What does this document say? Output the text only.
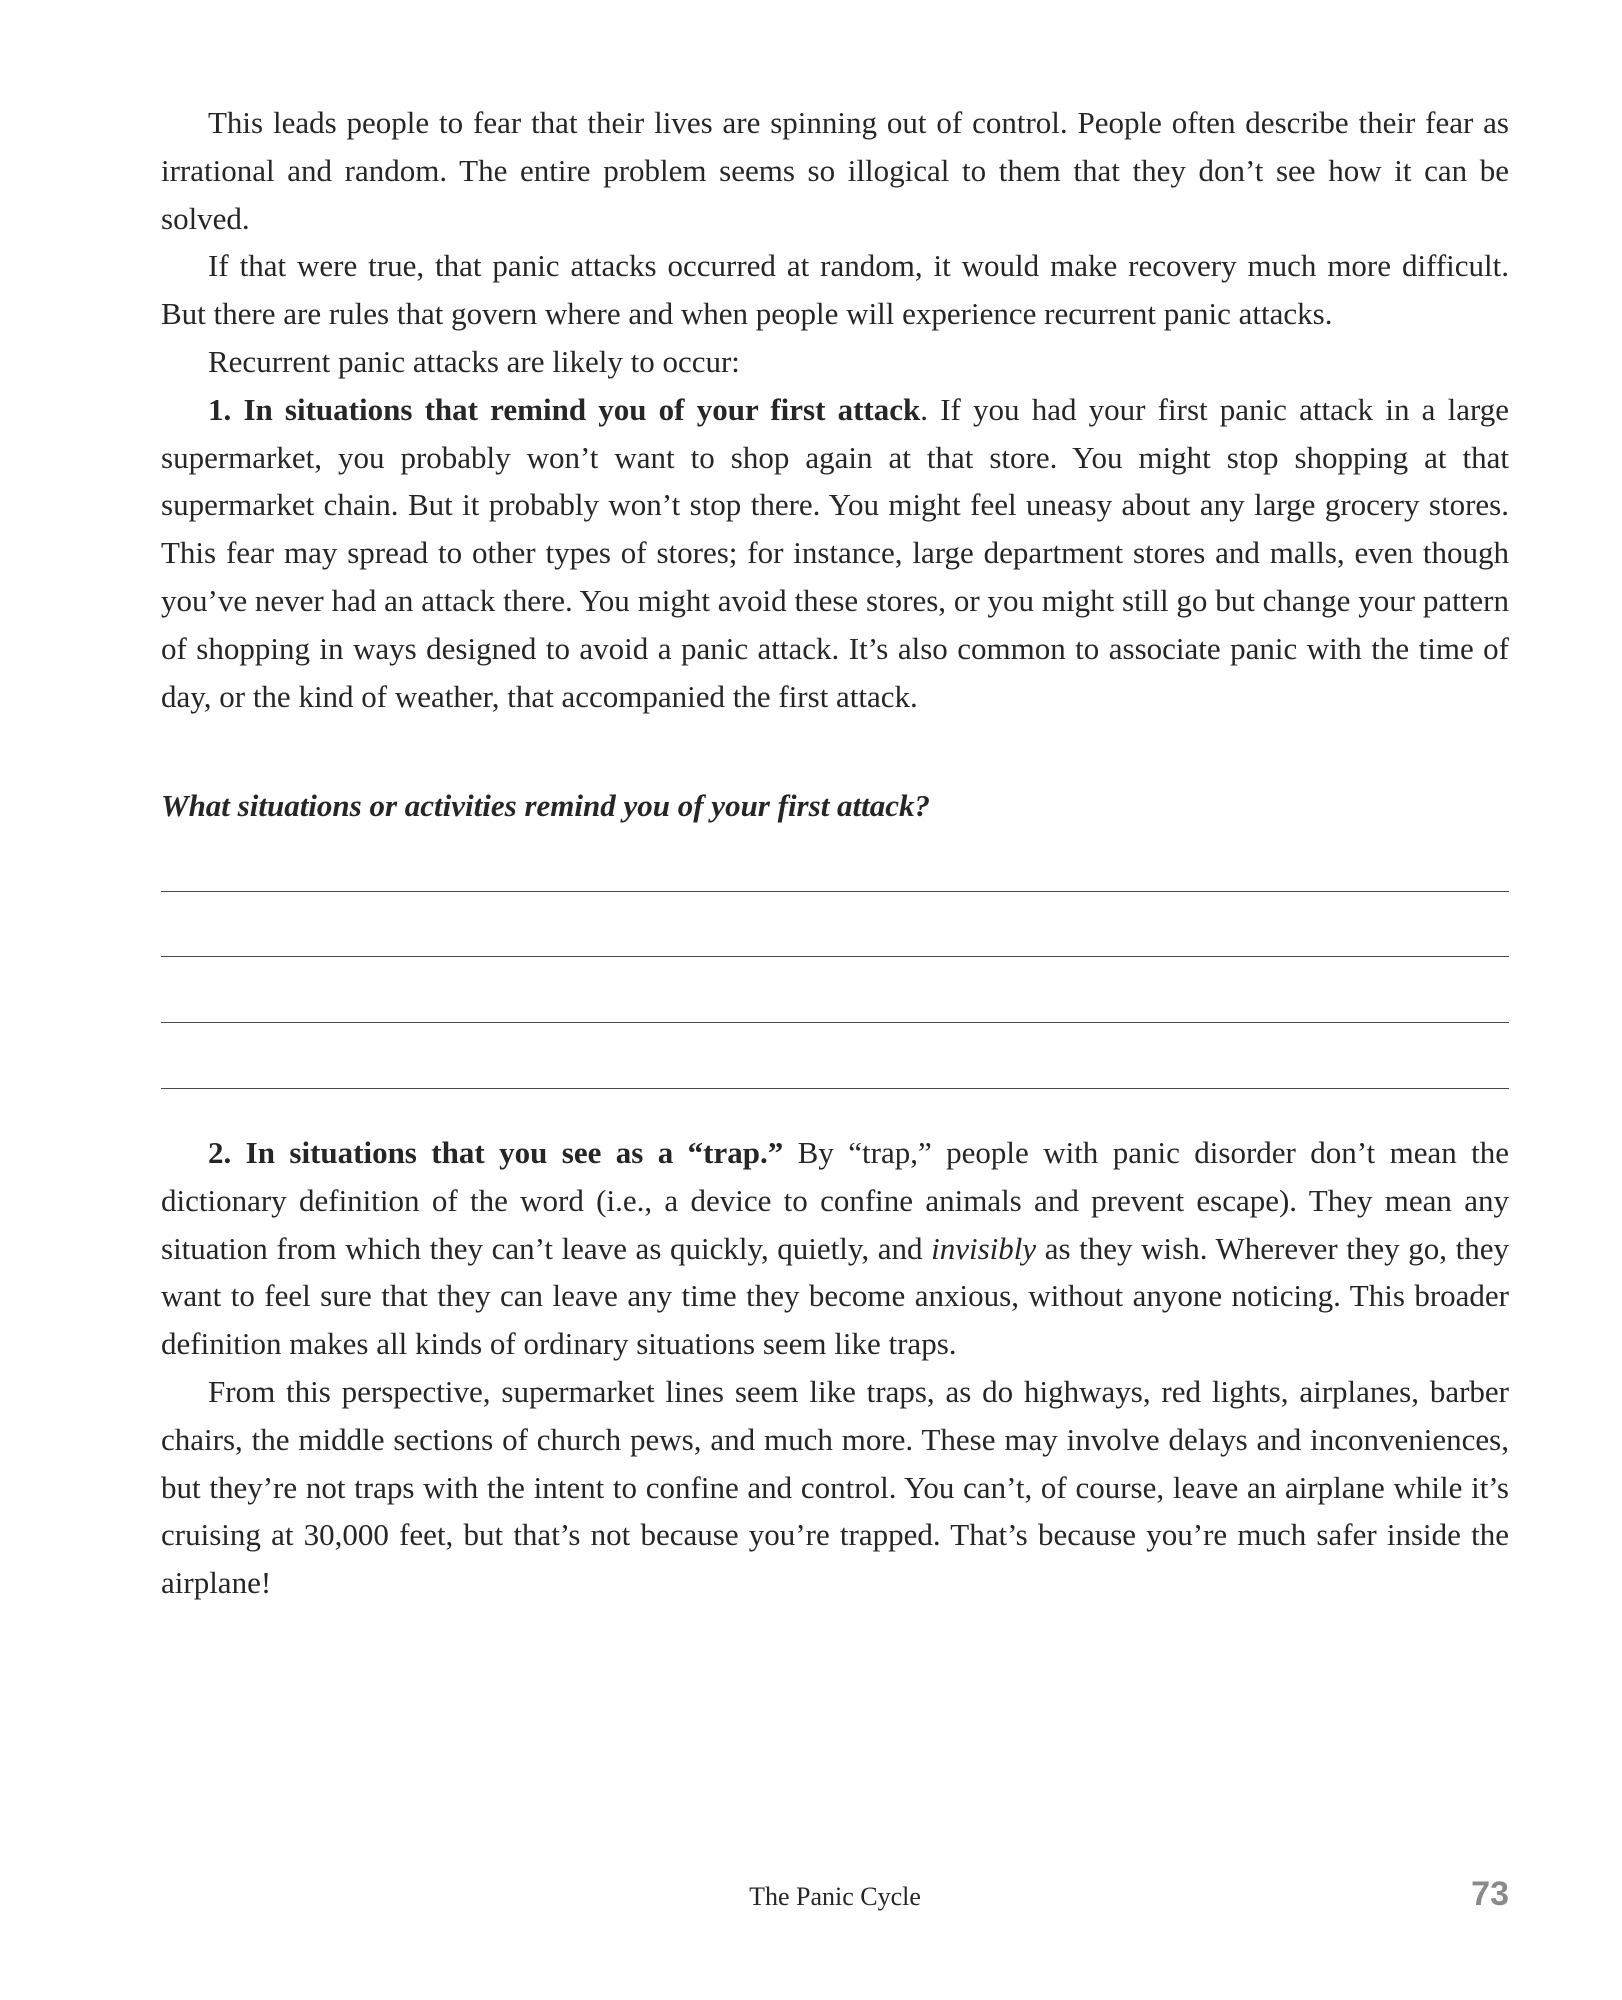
This leads people to fear that their lives are spinning out of control. People often describe their fear as irrational and random. The entire problem seems so illogical to them that they don’t see how it can be solved.

If that were true, that panic attacks occurred at random, it would make recovery much more difficult. But there are rules that govern where and when people will experience recurrent panic attacks.

Recurrent panic attacks are likely to occur:

1. In situations that remind you of your first attack. If you had your first panic attack in a large supermarket, you probably won’t want to shop again at that store. You might stop shopping at that supermarket chain. But it probably won’t stop there. You might feel uneasy about any large grocery stores. This fear may spread to other types of stores; for instance, large department stores and malls, even though you’ve never had an attack there. You might avoid these stores, or you might still go but change your pattern of shopping in ways designed to avoid a panic attack. It’s also common to associate panic with the time of day, or the kind of weather, that accompanied the first attack.

What situations or activities remind you of your first attack?

2. In situations that you see as a “trap.” By “trap,” people with panic disorder don’t mean the dictionary definition of the word (i.e., a device to confine animals and prevent escape). They mean any situation from which they can’t leave as quickly, quietly, and invisibly as they wish. Wherever they go, they want to feel sure that they can leave any time they become anxious, without anyone noticing. This broader definition makes all kinds of ordinary situations seem like traps.

From this perspective, supermarket lines seem like traps, as do highways, red lights, airplanes, barber chairs, the middle sections of church pews, and much more. These may involve delays and inconveniences, but they’re not traps with the intent to confine and control. You can’t, of course, leave an airplane while it’s cruising at 30,000 feet, but that’s not because you’re trapped. That’s because you’re much safer inside the airplane!

The Panic Cycle	73
